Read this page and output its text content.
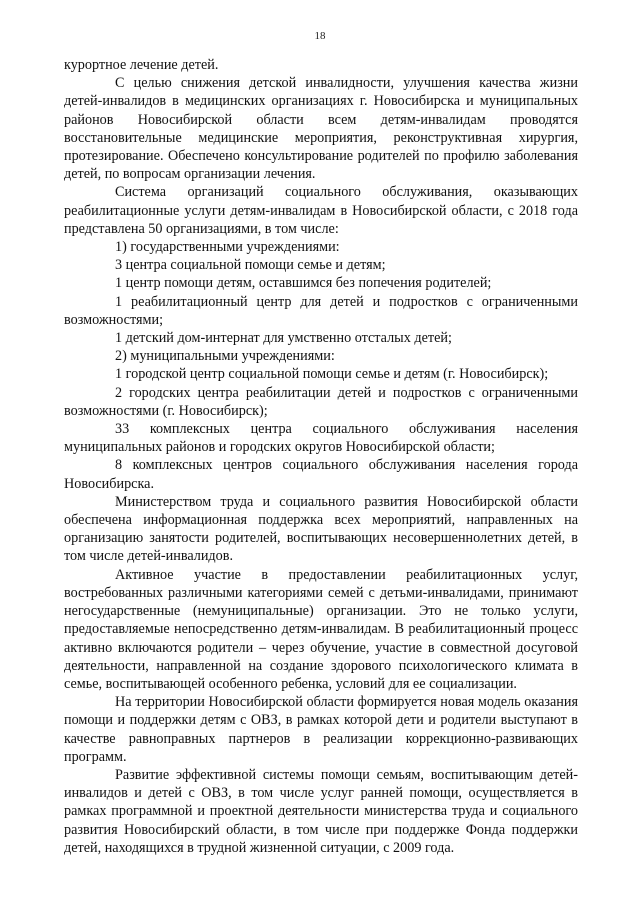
18

курортное лечение детей.

С целью снижения детской инвалидности, улучшения качества жизни детей-инвалидов в медицинских организациях г. Новосибирска и муниципальных районов Новосибирской области всем детям-инвалидам проводятся восстановительные медицинские мероприятия, реконструктивная хирургия, протезирование. Обеспечено консультирование родителей по профилю заболевания детей, по вопросам организации лечения.

Система организаций социального обслуживания, оказывающих реабилитационные услуги детям-инвалидам в Новосибирской области, с 2018 года представлена 50 организациями, в том числе:

1) государственными учреждениями:

3 центра социальной помощи семье и детям;

1 центр помощи детям, оставшимся без попечения родителей;

1 реабилитационный центр для детей и подростков с ограниченными возможностями;

1 детский дом-интернат для умственно отсталых детей;

2) муниципальными учреждениями:

1 городской центр социальной помощи семье и детям (г. Новосибирск);

2 городских центра реабилитации детей и подростков с ограниченными возможностями (г. Новосибирск);

33 комплексных центра социального обслуживания населения муниципальных районов и городских округов Новосибирской области;

8 комплексных центров социального обслуживания населения города Новосибирска.

Министерством труда и социального развития Новосибирской области обеспечена информационная поддержка всех мероприятий, направленных на организацию занятости родителей, воспитывающих несовершеннолетних детей, в том числе детей-инвалидов.

Активное участие в предоставлении реабилитационных услуг, востребованных различными категориями семей с детьми-инвалидами, принимают негосударственные (немуниципальные) организации. Это не только услуги, предоставляемые непосредственно детям-инвалидам. В реабилитационный процесс активно включаются родители – через обучение, участие в совместной досуговой деятельности, направленной на создание здорового психологического климата в семье, воспитывающей особенного ребенка, условий для ее социализации.

На территории Новосибирской области формируется новая модель оказания помощи и поддержки детям с ОВЗ, в рамках которой дети и родители выступают в качестве равноправных партнеров в реализации коррекционно-развивающих программ.

Развитие эффективной системы помощи семьям, воспитывающим детей-инвалидов и детей с ОВЗ, в том числе услуг ранней помощи, осуществляется в рамках программной и проектной деятельности министерства труда и социального развития Новосибирский области, в том числе при поддержке Фонда поддержки детей, находящихся в трудной жизненной ситуации, с 2009 года.
